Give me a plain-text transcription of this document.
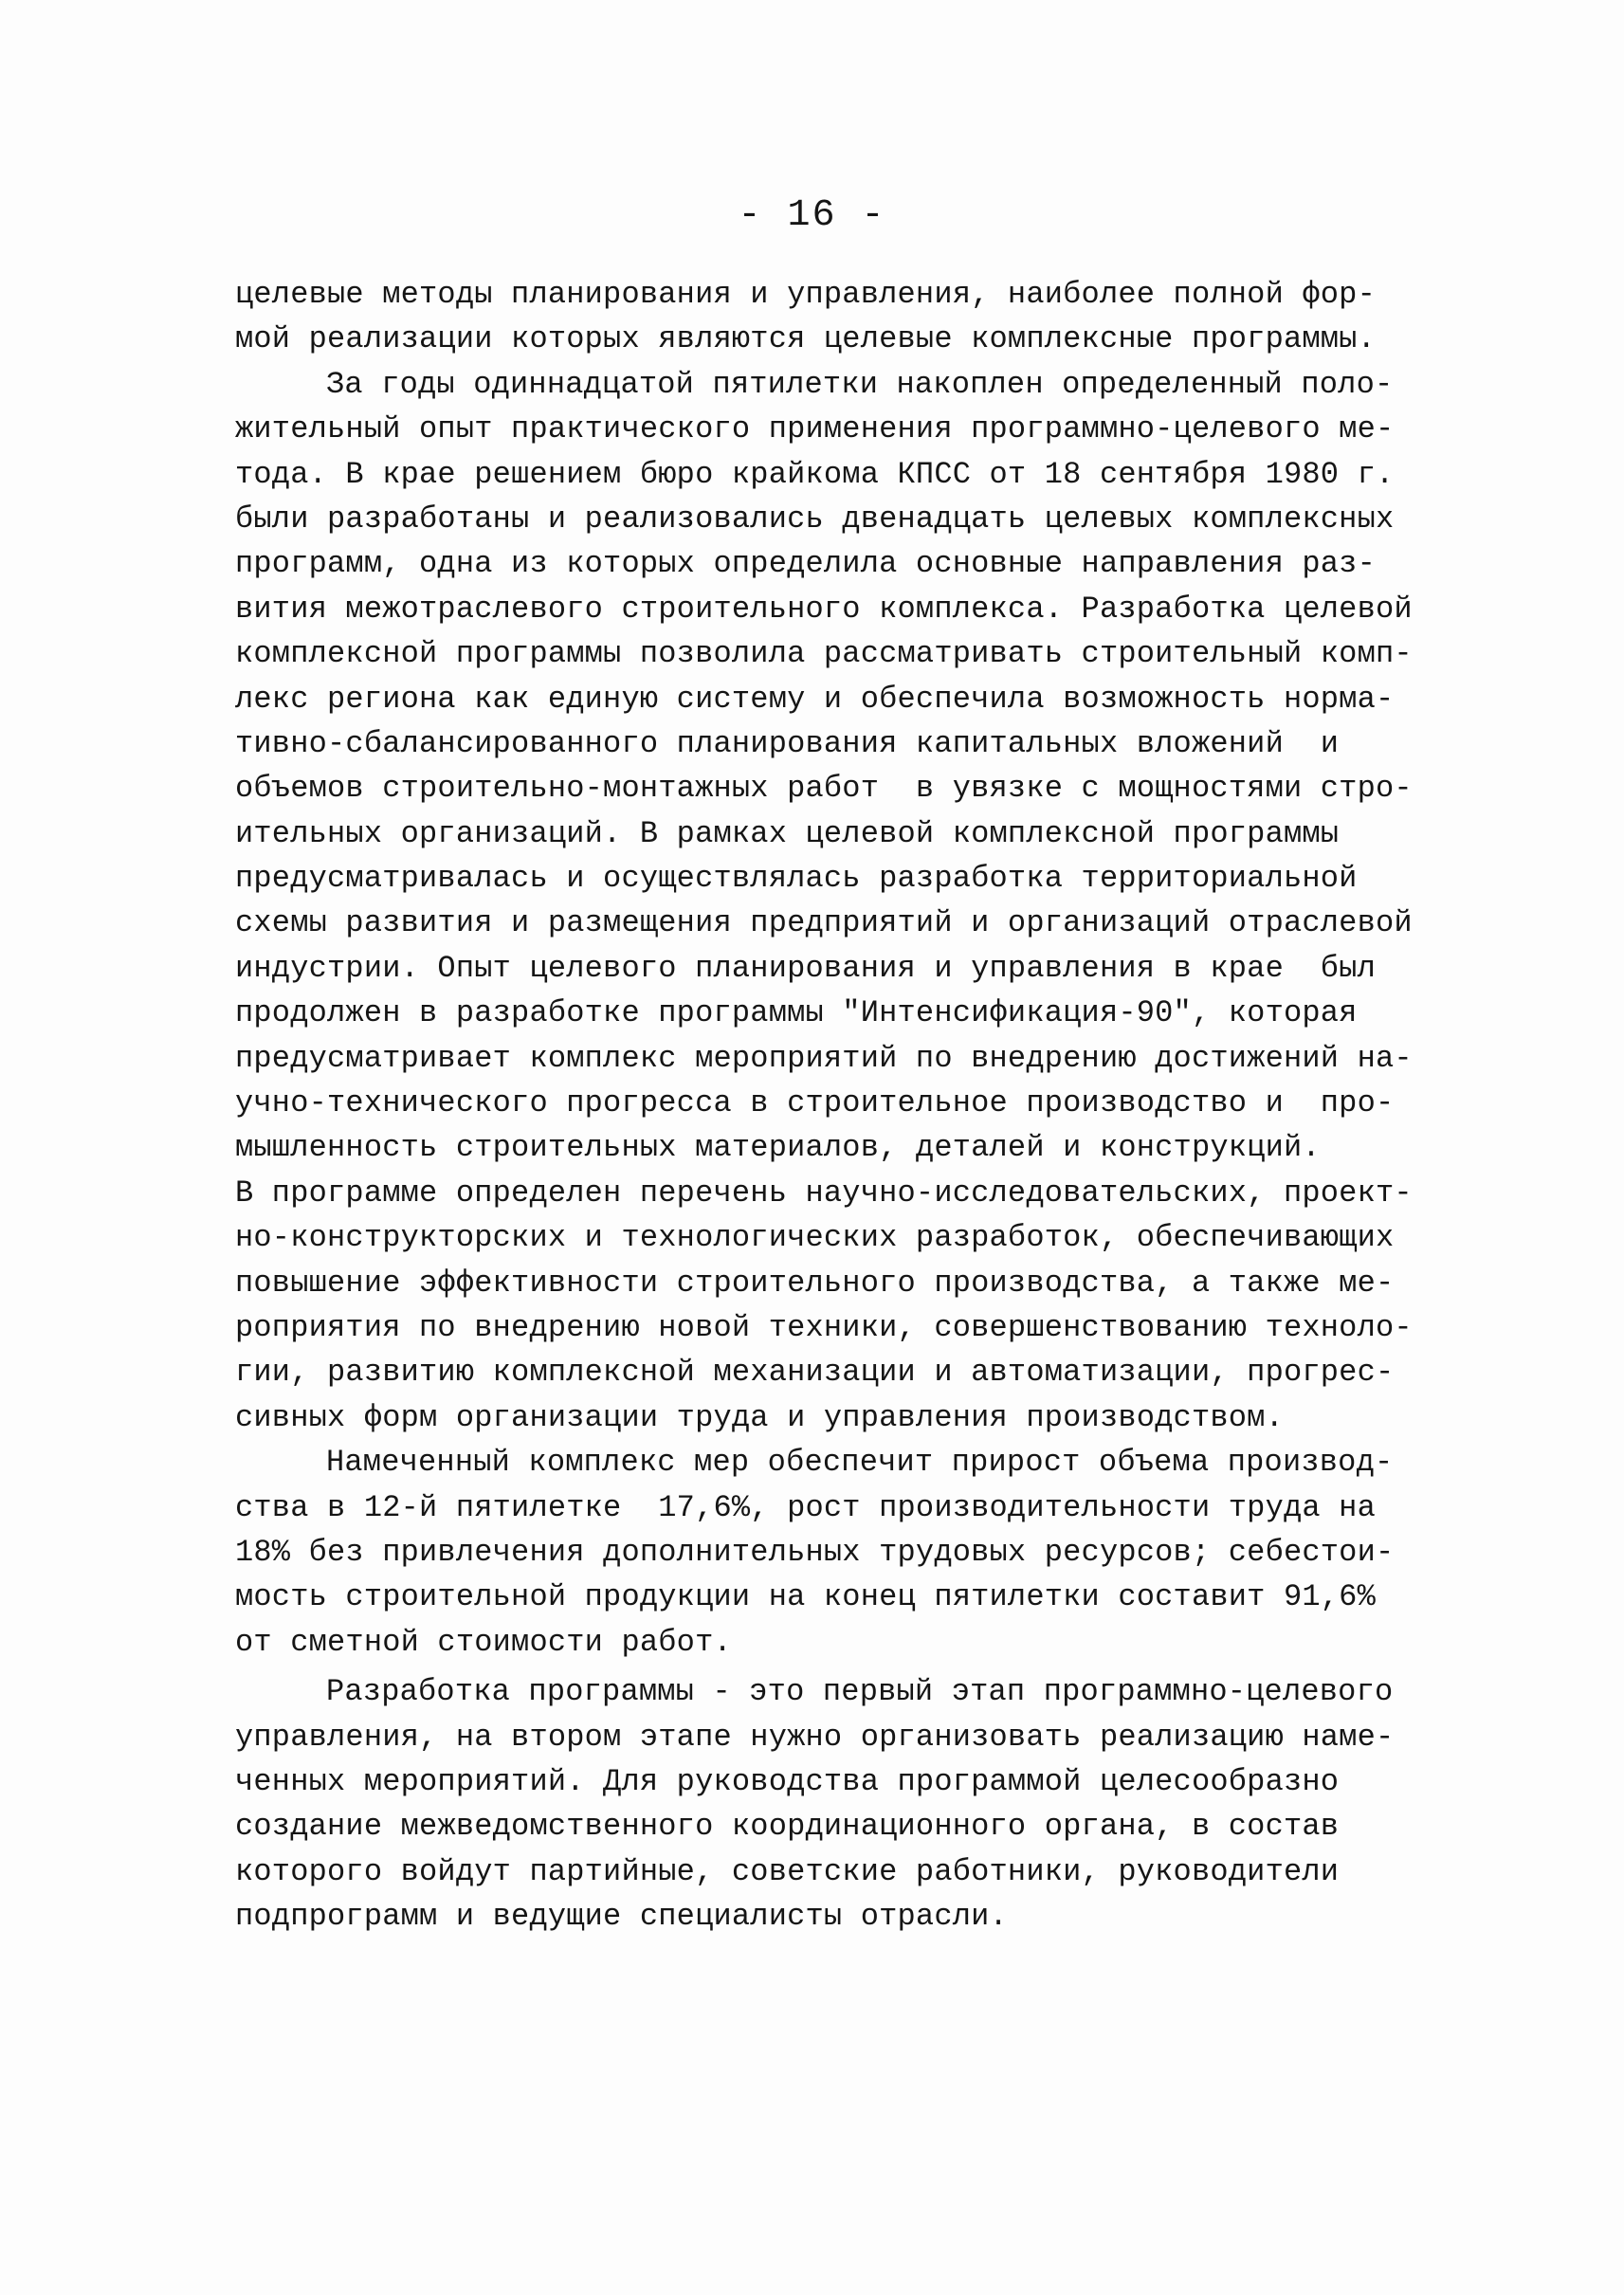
- 16 -
целевые методы планирования и управления, наиболее полной фор-
мой реализации которых являются целевые комплексные программы.
За годы одиннадцатой пятилетки накоплен определенный поло-
жительный опыт практического применения программно-целевого ме-
тода. В крае решением бюро крайкома КПСС от 18 сентября 1980 г.
были разработаны и реализовались двенадцать целевых комплексных
программ, одна из которых определила основные направления раз-
вития межотраслевого строительного комплекса. Разработка целевой
комплексной программы позволила рассматривать строительный комп-
лекс региона как единую систему и обеспечила возможность норма-
тивно-сбалансированного планирования капитальных вложений  и
объемов строительно-монтажных работ  в увязке с мощностями стро-
ительных организаций. В рамках целевой комплексной программы
предусматривалась и осуществлялась разработка территориальной
схемы развития и размещения предприятий и организаций отраслевой
индустрии. Опыт целевого планирования и управления в крае  был
продолжен в разработке программы "Интенсификация-90", которая
предусматривает комплекс мероприятий по внедрению достижений на-
учно-технического прогресса в строительное производство и  про-
мышленность строительных материалов, деталей и конструкций.
В программе определен перечень научно-исследовательских, проект-
но-конструкторских и технологических разработок, обеспечивающих
повышение эффективности строительного производства, а также ме-
роприятия по внедрению новой техники, совершенствованию техноло-
гии, развитию комплексной механизации и автоматизации, прогрес-
сивных форм организации труда и управления производством.
Намеченный комплекс мер обеспечит прирост объема производ-
ства в 12-й пятилетке  17,6%, рост производительности труда на
18% без привлечения дополнительных трудовых ресурсов; себестои-
мость строительной продукции на конец пятилетки составит 91,6%
от сметной стоимости работ.
Разработка программы - это первый этап программно-целевого
управления, на втором этапе нужно организовать реализацию наме-
ченных мероприятий. Для руководства программой целесообразно
создание межведомственного координационного органа, в состав
которого войдут партийные, советские работники, руководители
подпрограмм и ведущие специалисты отрасли.
